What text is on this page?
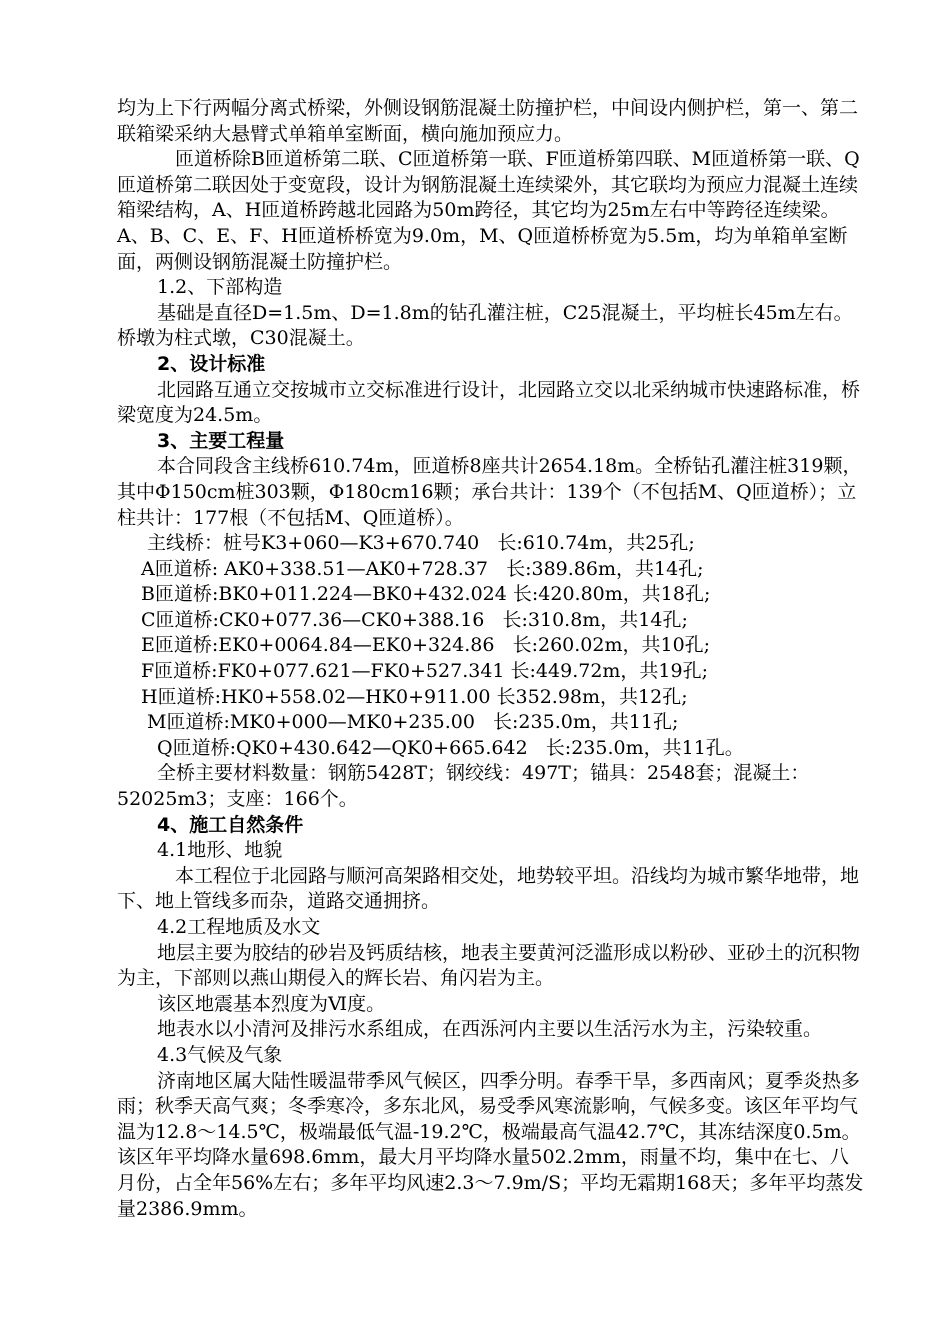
均为上下行两幅分离式桥梁，外侧设钢筋混凝土防撞护栏，中间设内侧护栏，第一、第二联箱梁采纳大悬臂式单箱单室断面，横向施加预应力。

匝道桥除B匝道桥第二联、C匝道桥第一联、F匝道桥第四联、M匝道桥第一联、Q匝道桥第二联因处于变宽段，设计为钢筋混凝土连续梁外，其它联均为预应力混凝土连续箱梁结构，A、H匝道桥跨越北园路为50m跨径，其它均为25m左右中等跨径连续梁。A、B、C、E、F、H匝道桥桥宽为9.0m，M、Q匝道桥桥宽为5.5m，均为单箱单室断面，两侧设钢筋混凝土防撞护栏。

1.2、下部构造

基础是直径D=1.5m、D=1.8m的钻孔灌注桩，C25混凝土，平均桩长45m左右。桥墩为柱式墩，C30混凝土。

2、设计标准

北园路互通立交按城市立交标准进行设计，北园路立交以北采纳城市快速路标准，桥梁宽度为24.5m。

3、主要工程量

本合同段含主线桥610.74m，匝道桥8座共计2654.18m。全桥钻孔灌注桩319颗，其中Φ150cm桩303颗，Φ180cm16颗；承台共计：139个（不包括M、Q匝道桥）；立柱共计：177根（不包括M、Q匝道桥）。

主线桥：桩号K3+060—K3+670.740   长:610.74m，共25孔;
A匝道桥: AK0+338.51—AK0+728.37   长:389.86m，共14孔;
B匝道桥:BK0+011.224—BK0+432.024 长:420.80m，共18孔;
C匝道桥:CK0+077.36—CK0+388.16   长:310.8m，共14孔;
E匝道桥:EK0+0064.84—EK0+324.86   长:260.02m，共10孔;
F匝道桥:FK0+077.621—FK0+527.341 长:449.72m，共19孔;
H匝道桥:HK0+558.02—HK0+911.00 长352.98m，共12孔;
M匝道桥:MK0+000—MK0+235.00   长:235.0m，共11孔;
Q匝道桥:QK0+430.642—QK0+665.642   长:235.0m，共11孔。

全桥主要材料数量：钢筋5428T；钢绞线：497T；锚具：2548套；混凝土：52025m3；支座：166个。

4、施工自然条件

4.1地形、地貌

本工程位于北园路与顺河高架路相交处，地势较平坦。沿线均为城市繁华地带，地下、地上管线多而杂，道路交通拥挤。

4.2工程地质及水文

地层主要为胶结的砂岩及钙质结核，地表主要黄河泛滥形成以粉砂、亚砂土的沉积物为主，下部则以燕山期侵入的辉长岩、角闪岩为主。

该区地震基本烈度为Ⅵ度。

地表水以小清河及排污水系组成，在西泺河内主要以生活污水为主，污染较重。

4.3气候及气象

济南地区属大陆性暖温带季风气候区，四季分明。春季干旱，多西南风；夏季炎热多雨；秋季天高气爽；冬季寒冷，多东北风，易受季风寒流影响，气候多变。该区年平均气温为12.8～14.5℃，极端最低气温-19.2℃，极端最高气温42.7℃，其冻结深度0.5m。该区年平均降水量698.6mm，最大月平均降水量502.2mm，雨量不均，集中在七、八月份，占全年56%左右；多年平均风速2.3～7.9m/S；平均无霜期168天；多年平均蒸发量2386.9mm。
